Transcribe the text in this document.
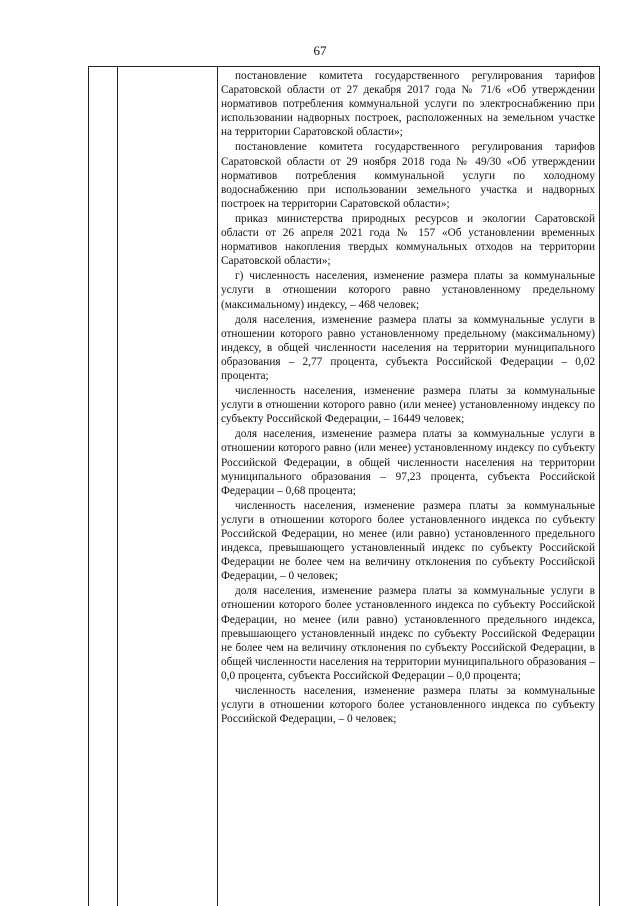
67

постановление комитета государственного регулирования тарифов Саратовской области от 27 декабря 2017 года № 71/6 «Об утверждении нормативов потребления коммунальной услуги по электроснабжению при использовании надворных построек, расположенных на земельном участке на территории Саратовской области»;

постановление комитета государственного регулирования тарифов Саратовской области от 29 ноября 2018 года № 49/30 «Об утверждении нормативов потребления коммунальной услуги по холодному водоснабжению при использовании земельного участка и надворных построек на территории Саратовской области»;

приказ министерства природных ресурсов и экологии Саратовской области от 26 апреля 2021 года № 157 «Об установлении временных нормативов накопления твердых коммунальных отходов на территории Саратовской области»;

г) численность населения, изменение размера платы за коммунальные услуги в отношении которого равно установленному предельному (максимальному) индексу, – 468 человек;

доля населения, изменение размера платы за коммунальные услуги в отношении которого равно установленному предельному (максимальному) индексу, в общей численности населения на территории муниципального образования – 2,77 процента, субъекта Российской Федерации – 0,02 процента;

численность населения, изменение размера платы за коммунальные услуги в отношении которого равно (или менее) установленному индексу по субъекту Российской Федерации, – 16449 человек;

доля населения, изменение размера платы за коммунальные услуги в отношении которого равно (или менее) установленному индексу по субъекту Российской Федерации, в общей численности населения на территории муниципального образования – 97,23 процента, субъекта Российской Федерации – 0,68 процента;

численность населения, изменение размера платы за коммунальные услуги в отношении которого более установленного индекса по субъекту Российской Федерации, но менее (или равно) установленного предельного индекса, превышающего установленный индекс по субъекту Российской Федерации не более чем на величину отклонения по субъекту Российской Федерации, – 0 человек;

доля населения, изменение размера платы за коммунальные услуги в отношении которого более установленного индекса по субъекту Российской Федерации, но менее (или равно) установленного предельного индекса, превышающего установленный индекс по субъекту Российской Федерации не более чем на величину отклонения по субъекту Российской Федерации, в общей численности населения на территории муниципального образования – 0,0 процента, субъекта Российской Федерации – 0,0 процента;

численность населения, изменение размера платы за коммунальные услуги в отношении которого более установленного индекса по субъекту Российской Федерации, – 0 человек;
